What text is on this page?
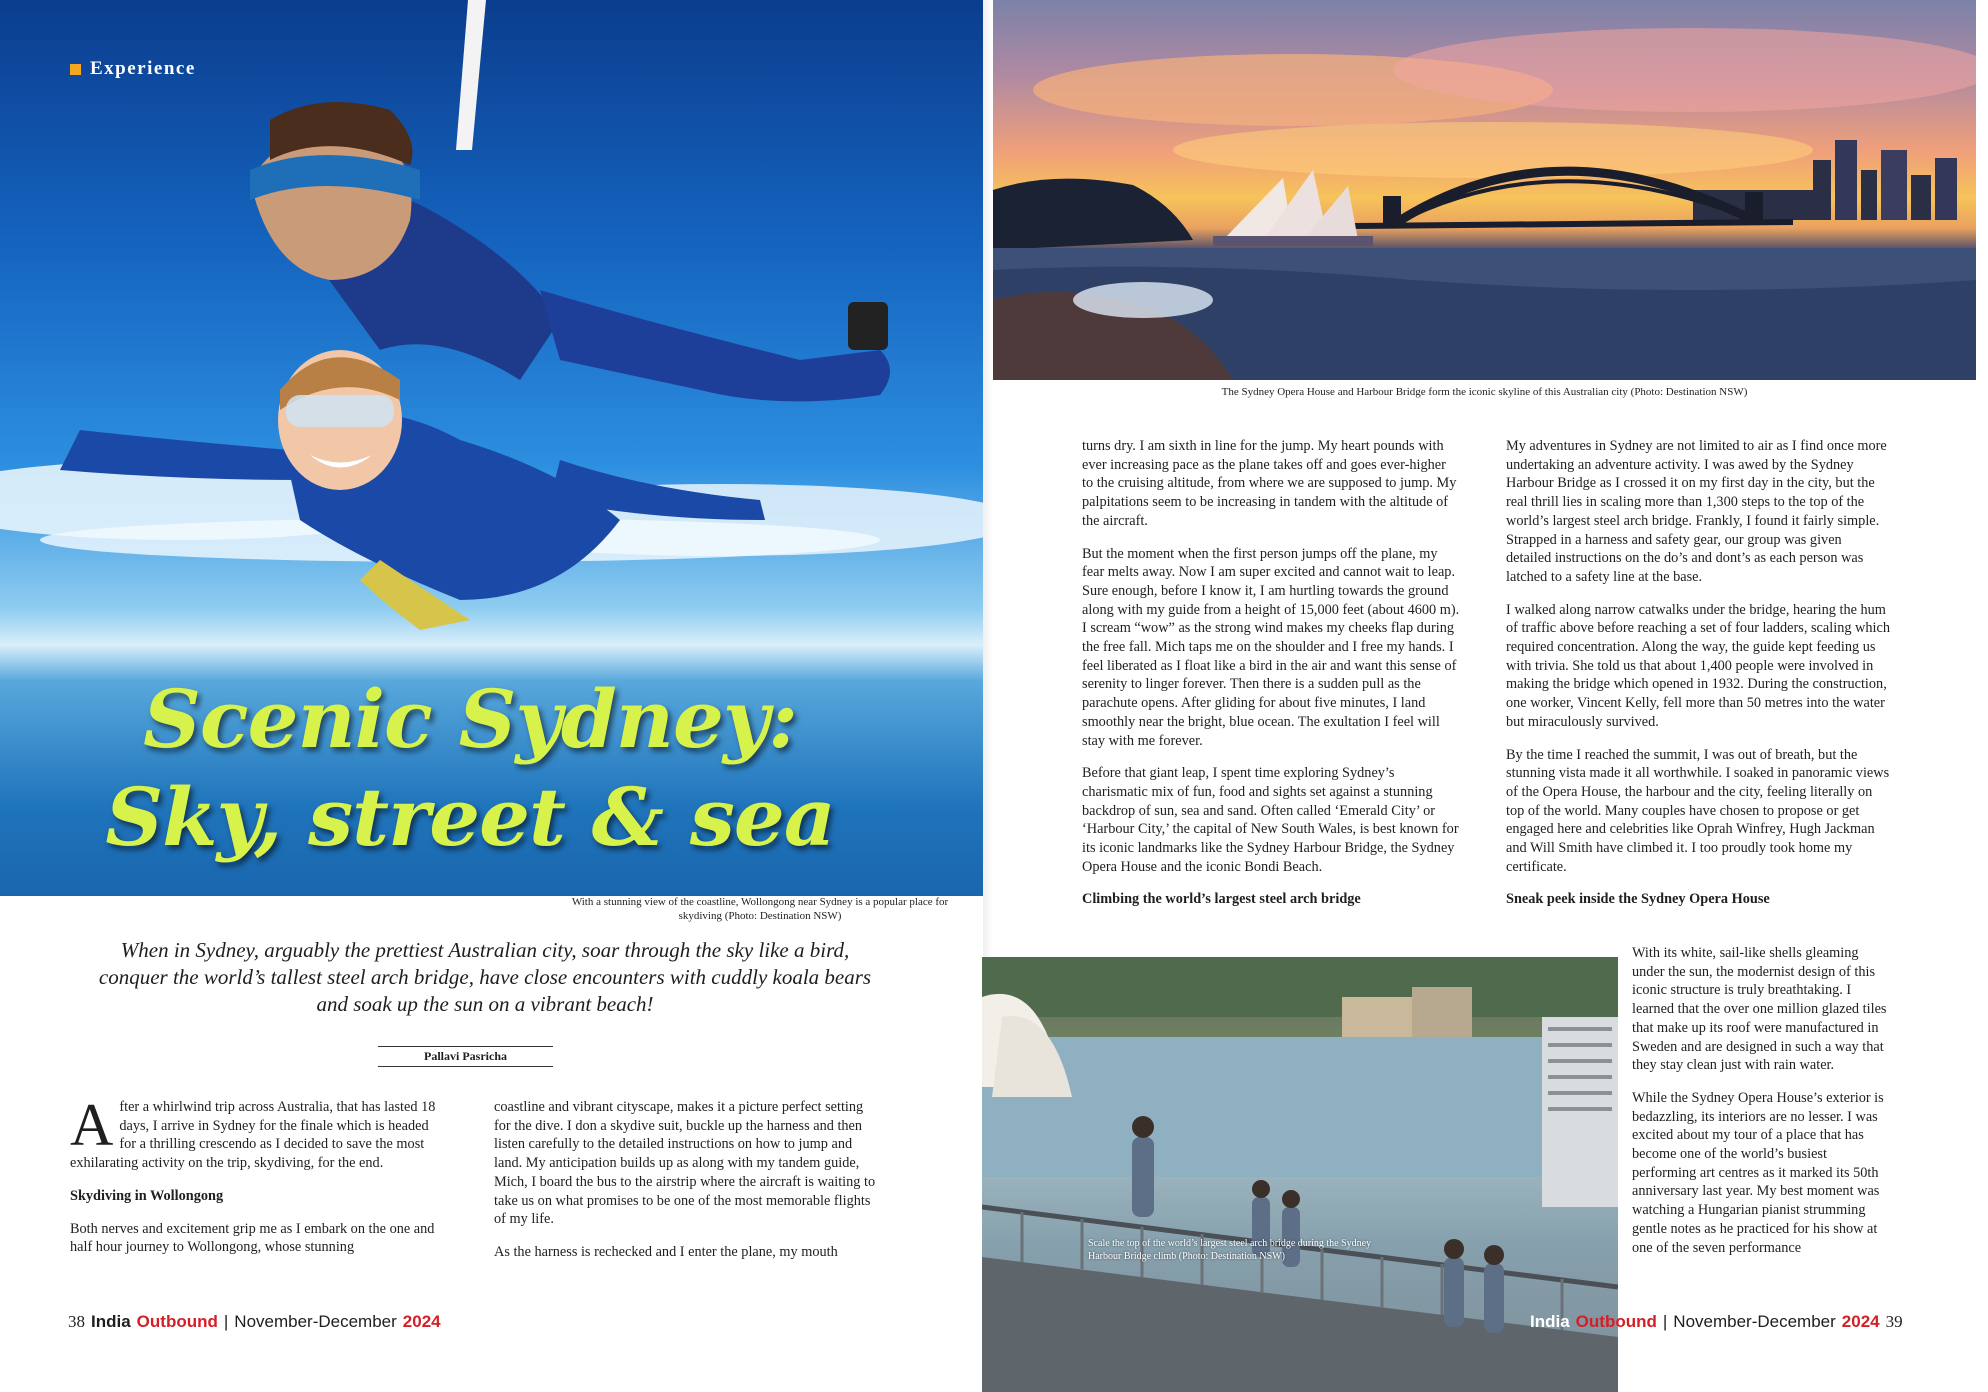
Experience
Scenic Sydney: Sky, street & sea
With a stunning view of the coastline, Wollongong near Sydney is a popular place for skydiving (Photo: Destination NSW)
When in Sydney, arguably the prettiest Australian city, soar through the sky like a bird, conquer the world’s tallest steel arch bridge, have close encounters with cuddly koala bears and soak up the sun on a vibrant beach!
Pallavi Pasricha

After a whirlwind trip across Australia, that has lasted 18 days, I arrive in Sydney for the finale which is headed for a thrilling crescendo as I decided to save the most exhilarating activity on the trip, skydiving, for the end.

Skydiving in Wollongong

Both nerves and excitement grip me as I embark on the one and half hour journey to Wollongong, whose stunning

coastline and vibrant cityscape, makes it a picture perfect setting for the dive. I don a skydive suit, buckle up the harness and then listen carefully to the detailed instructions on how to jump and land. My anticipation builds up as along with my tandem guide, Mich, I board the bus to the airstrip where the aircraft is waiting to take us on what promises to be one of the most memorable flights of my life.

As the harness is rechecked and I enter the plane, my mouth

38 India Outbound | November-December 2024
The Sydney Opera House and Harbour Bridge form the iconic skyline of this Australian city (Photo: Destination NSW)

turns dry. I am sixth in line for the jump. My heart pounds with ever increasing pace as the plane takes off and goes ever-higher to the cruising altitude, from where we are supposed to jump. My palpitations seem to be increasing in tandem with the altitude of the aircraft.

But the moment when the first person jumps off the plane, my fear melts away. Now I am super excited and cannot wait to leap. Sure enough, before I know it, I am hurtling towards the ground along with my guide from a height of 15,000 feet (about 4600 m). I scream “wow” as the strong wind makes my cheeks flap during the free fall. Mich taps me on the shoulder and I free my hands. I feel liberated as I float like a bird in the air and want this sense of serenity to linger forever. Then there is a sudden pull as the parachute opens. After gliding for about five minutes, I land smoothly near the bright, blue ocean. The exultation I feel will stay with me forever.

Before that giant leap, I spent time exploring Sydney’s charismatic mix of fun, food and sights set against a stunning backdrop of sun, sea and sand. Often called ‘Emerald City’ or ‘Harbour City,’ the capital of New South Wales, is best known for its iconic landmarks like the Sydney Harbour Bridge, the Sydney Opera House and the iconic Bondi Beach.

Climbing the world’s largest steel arch bridge

My adventures in Sydney are not limited to air as I find once more undertaking an adventure activity. I was awed by the Sydney Harbour Bridge as I crossed it on my first day in the city, but the real thrill lies in scaling more than 1,300 steps to the top of the world’s largest steel arch bridge. Frankly, I found it fairly simple. Strapped in a harness and safety gear, our group was given detailed instructions on the do’s and dont’s as each person was latched to a safety line at the base.

I walked along narrow catwalks under the bridge, hearing the hum of traffic above before reaching a set of four ladders, scaling which required concentration. Along the way, the guide kept feeding us with trivia. She told us that about 1,400 people were involved in making the bridge which opened in 1932. During the construction, one worker, Vincent Kelly, fell more than 50 metres into the water but miraculously survived.

By the time I reached the summit, I was out of breath, but the stunning vista made it all worthwhile. I soaked in panoramic views of the Opera House, the harbour and the city, feeling literally on top of the world. Many couples have chosen to propose or get engaged here and celebrities like Oprah Winfrey, Hugh Jackman and Will Smith have climbed it. I too proudly took home my certificate.

Sneak peek inside the Sydney Opera House
Scale the top of the world’s largest steel arch bridge during the Sydney Harbour Bridge climb (Photo: Destination NSW)

With its white, sail-like shells gleaming under the sun, the modernist design of this iconic structure is truly breathtaking. I learned that the over one million glazed tiles that make up its roof were manufactured in Sweden and are designed in such a way that they stay clean just with rain water.

While the Sydney Opera House’s exterior is bedazzling, its interiors are no lesser. I was excited about my tour of a place that has become one of the world’s busiest performing art centres as it marked its 50th anniversary last year. My best moment was watching a Hungarian pianist strumming gentle notes as he practiced for his show at one of the seven performance

India Outbound | November-December 2024 39
